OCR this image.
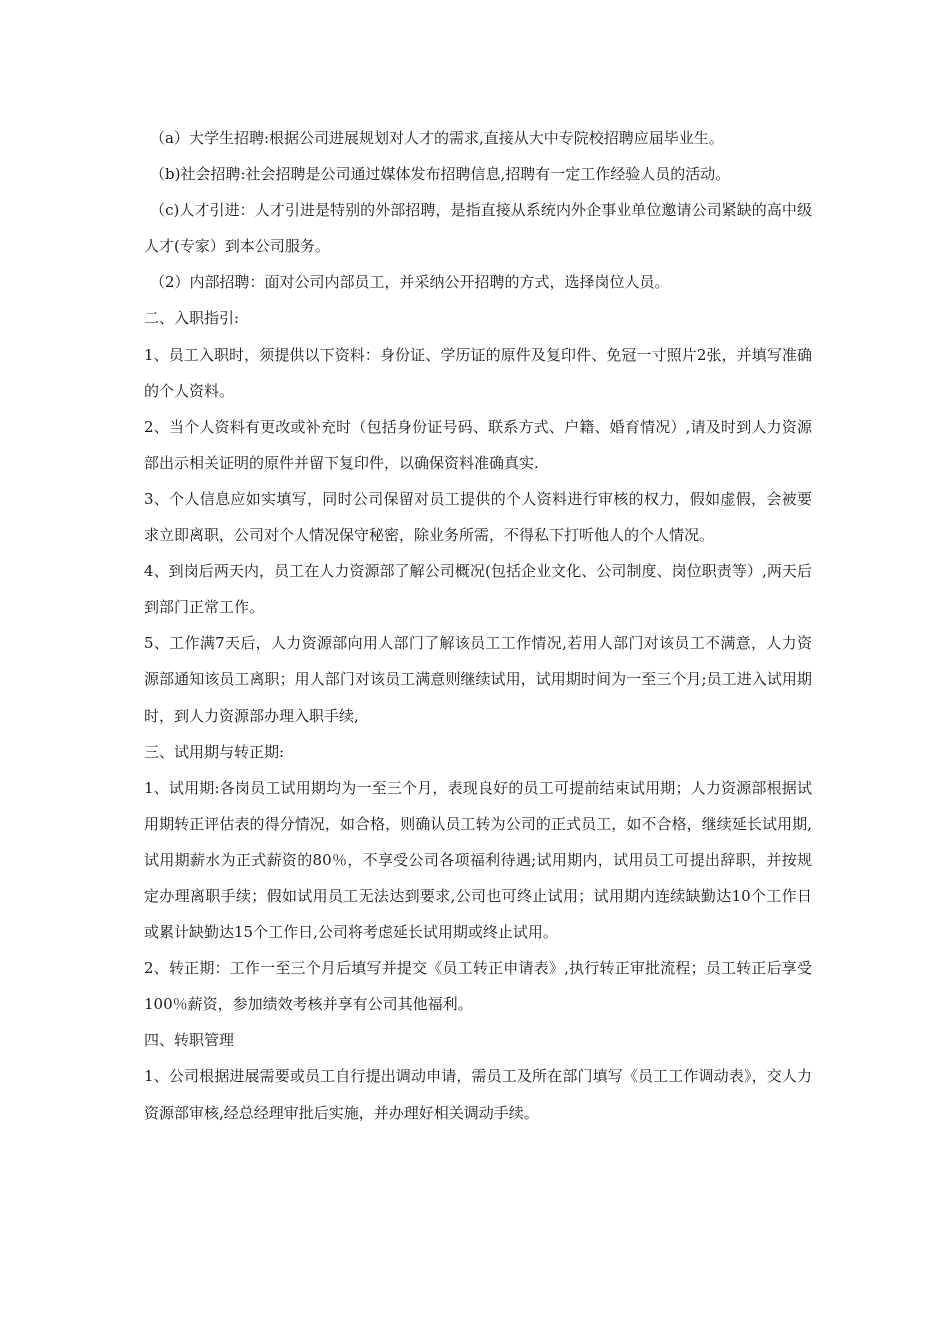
（a）大学生招聘:根据公司进展规划对人才的需求,直接从大中专院校招聘应届毕业生。

（b)社会招聘:社会招聘是公司通过媒体发布招聘信息,招聘有一定工作经验人员的活动。

（c)人才引进：人才引进是特别的外部招聘，是指直接从系统内外企事业单位邀请公司紧缺的高中级人才(专家）到本公司服务。

（2）内部招聘：面对公司内部员工，并采纳公开招聘的方式，选择岗位人员。

二、入职指引:

1、员工入职时，须提供以下资料：身份证、学历证的原件及复印件、免冠一寸照片2张，并填写准确的个人资料。

2、当个人资料有更改或补充时（包括身份证号码、联系方式、户籍、婚育情况）,请及时到人力资源部出示相关证明的原件并留下复印件，以确保资料准确真实.

3、个人信息应如实填写，同时公司保留对员工提供的个人资料进行审核的权力，假如虚假，会被要求立即离职，公司对个人情况保守秘密，除业务所需，不得私下打听他人的个人情况。

4、到岗后两天内，员工在人力资源部了解公司概况(包括企业文化、公司制度、岗位职责等）,两天后到部门正常工作。

5、工作满7天后，人力资源部向用人部门了解该员工工作情况,若用人部门对该员工不满意，人力资源部通知该员工离职；用人部门对该员工满意则继续试用，试用期时间为一至三个月;员工进入试用期时，到人力资源部办理入职手续,

三、试用期与转正期:

1、试用期:各岗员工试用期均为一至三个月，表现良好的员工可提前结束试用期；人力资源部根据试用期转正评估表的得分情况，如合格，则确认员工转为公司的正式员工，如不合格，继续延长试用期,试用期薪水为正式薪资的80％，不享受公司各项福利待遇;试用期内，试用员工可提出辞职，并按规定办理离职手续；假如试用员工无法达到要求,公司也可终止试用；试用期内连续缺勤达10个工作日或累计缺勤达15个工作日,公司将考虑延长试用期或终止试用。

2、转正期：工作一至三个月后填写并提交《员工转正申请表》,执行转正审批流程；员工转正后享受100％薪资，参加绩效考核并享有公司其他福利。

四、转职管理

1、公司根据进展需要或员工自行提出调动申请，需员工及所在部门填写《员工工作调动表》，交人力资源部审核,经总经理审批后实施，并办理好相关调动手续。
